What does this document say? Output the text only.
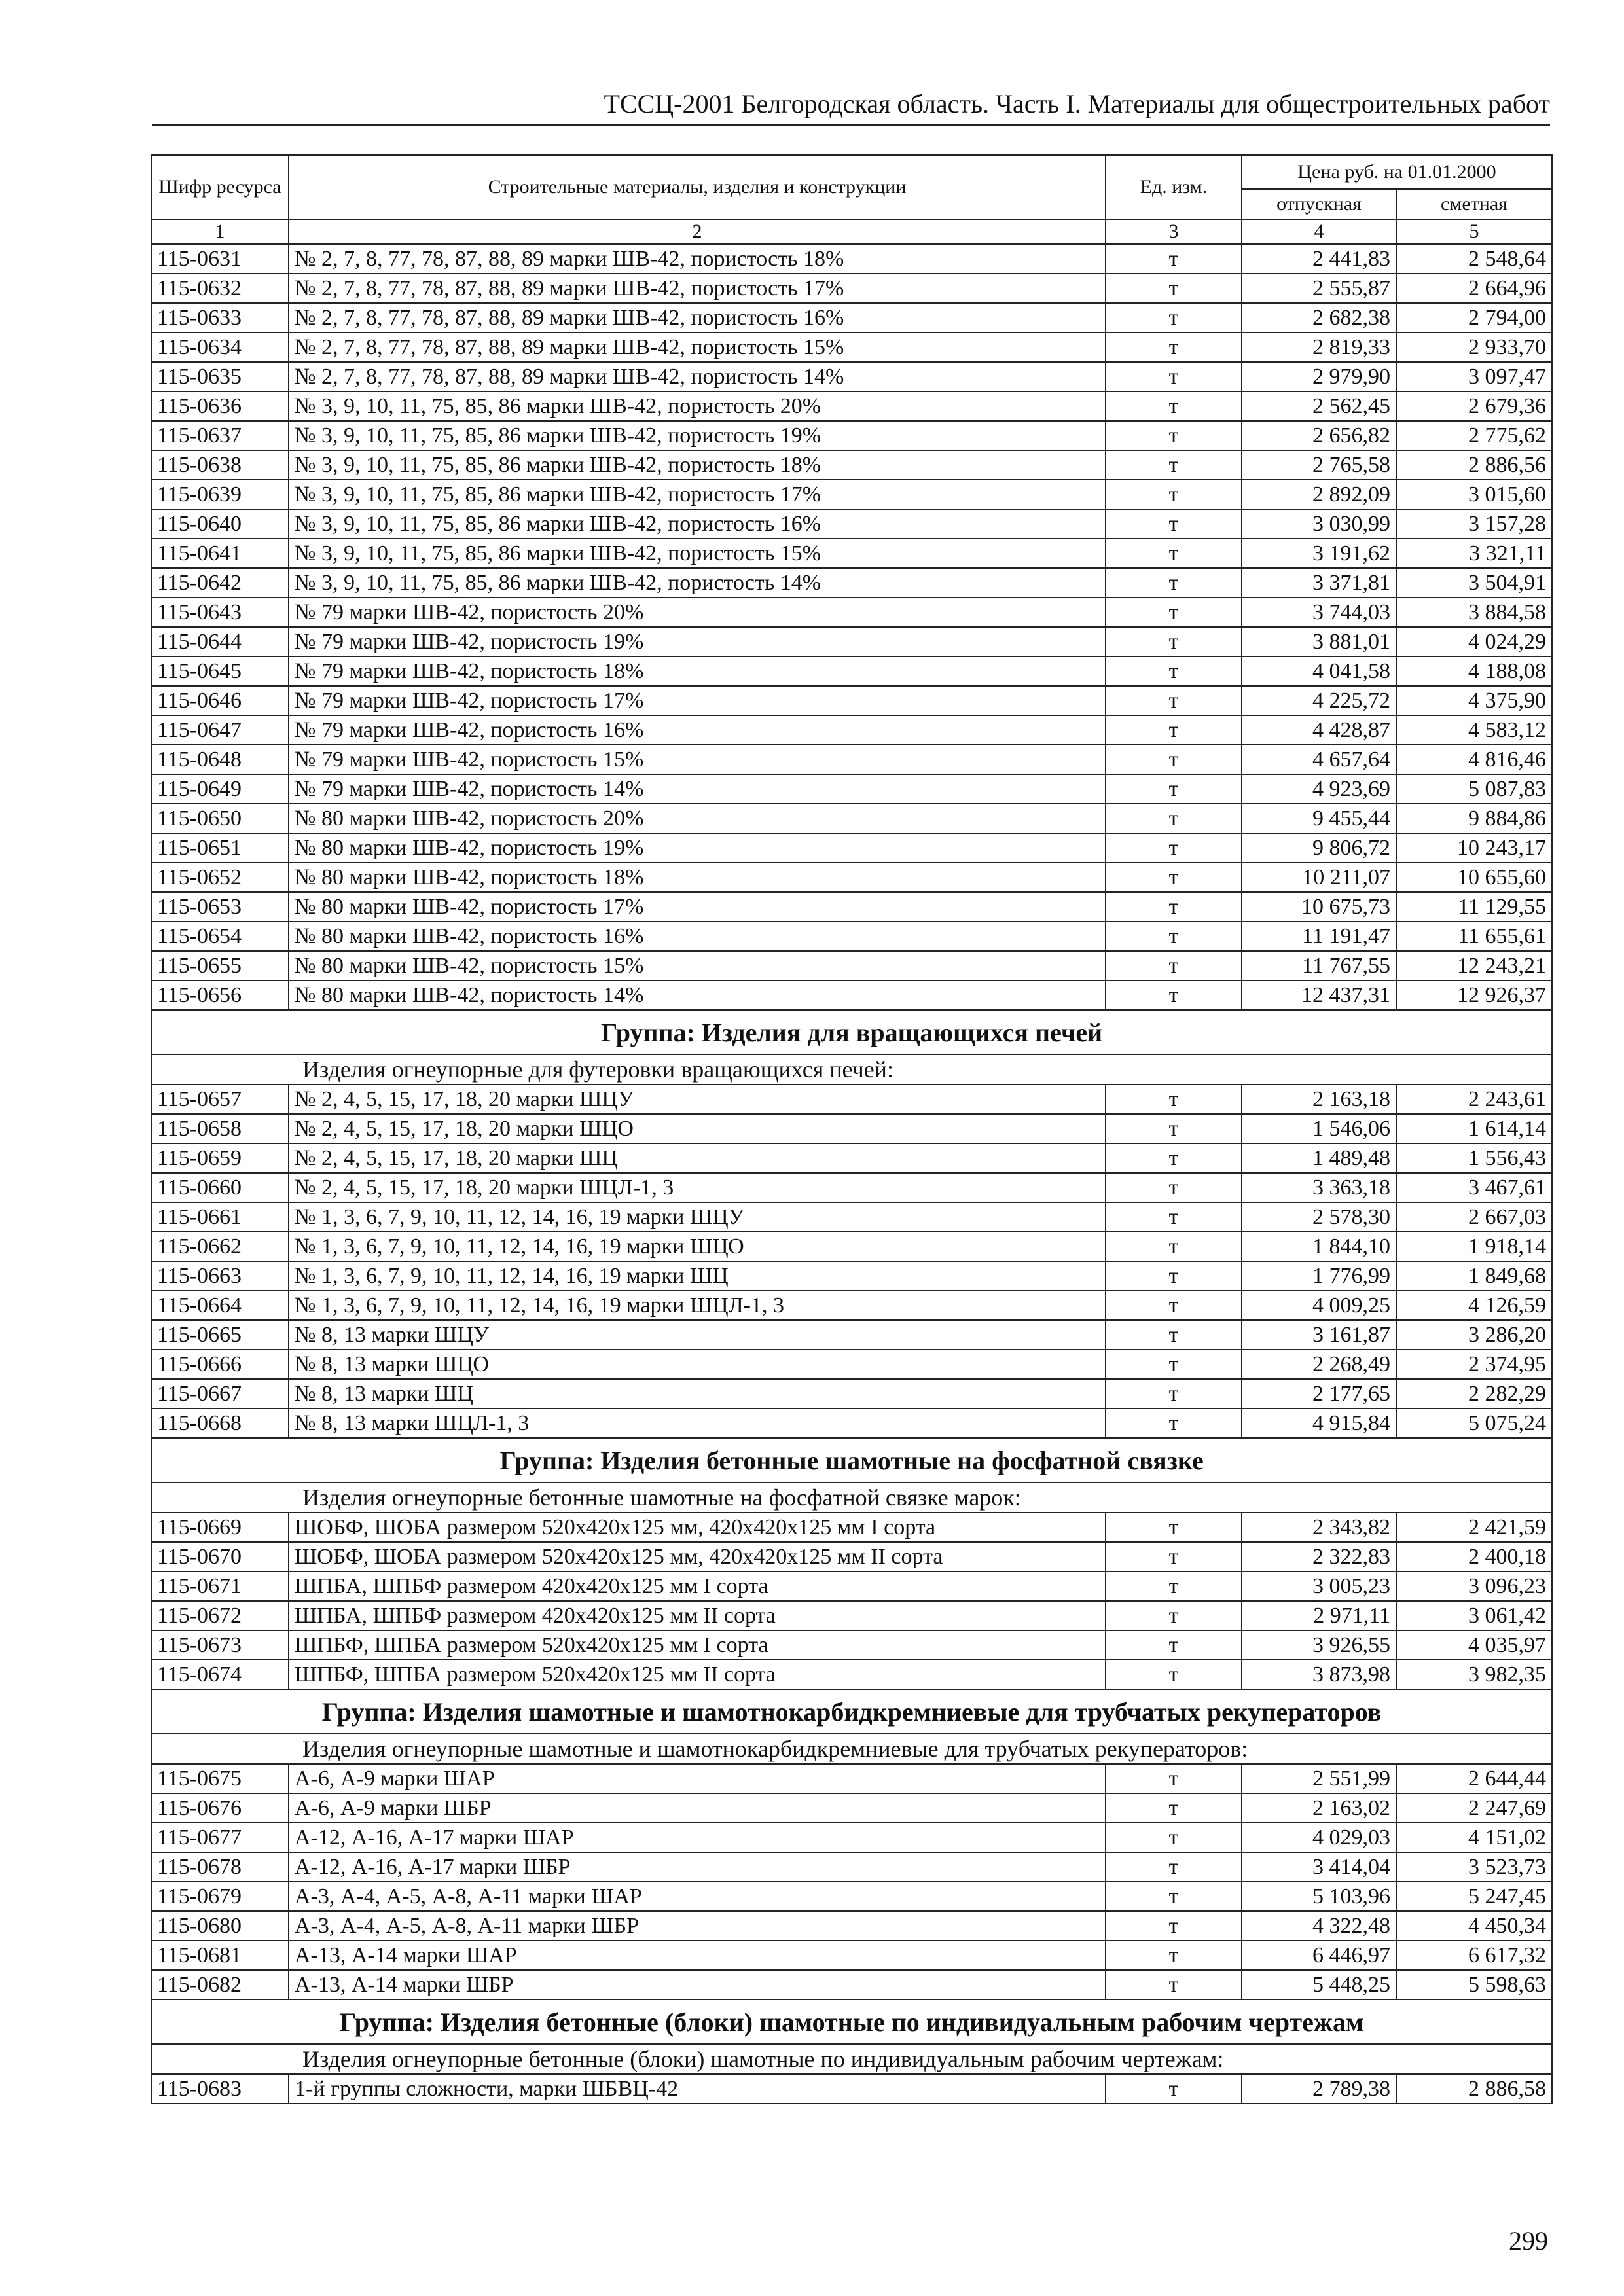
ТССЦ-2001 Белгородская область. Часть I. Материалы для общестроительных работ
Шифр ресурса	Строительные материалы, изделия и конструкции	Ед. изм.	Цена руб. на 01.01.2000	
			отпускная	сметная
1	2	3	4	5
115-0631	№ 2, 7, 8, 77, 78, 87, 88, 89 марки ШВ-42, пористость 18%	т	2 441,83	2 548,64
115-0632	№ 2, 7, 8, 77, 78, 87, 88, 89 марки ШВ-42, пористость 17%	т	2 555,87	2 664,96
115-0633	№ 2, 7, 8, 77, 78, 87, 88, 89 марки ШВ-42, пористость 16%	т	2 682,38	2 794,00
115-0634	№ 2, 7, 8, 77, 78, 87, 88, 89 марки ШВ-42, пористость 15%	т	2 819,33	2 933,70
115-0635	№ 2, 7, 8, 77, 78, 87, 88, 89 марки ШВ-42, пористость 14%	т	2 979,90	3 097,47
115-0636	№ 3, 9, 10, 11, 75, 85, 86 марки ШВ-42, пористость 20%	т	2 562,45	2 679,36
115-0637	№ 3, 9, 10, 11, 75, 85, 86 марки ШВ-42, пористость 19%	т	2 656,82	2 775,62
115-0638	№ 3, 9, 10, 11, 75, 85, 86 марки ШВ-42, пористость 18%	т	2 765,58	2 886,56
115-0639	№ 3, 9, 10, 11, 75, 85, 86 марки ШВ-42, пористость 17%	т	2 892,09	3 015,60
115-0640	№ 3, 9, 10, 11, 75, 85, 86 марки ШВ-42, пористость 16%	т	3 030,99	3 157,28
115-0641	№ 3, 9, 10, 11, 75, 85, 86 марки ШВ-42, пористость 15%	т	3 191,62	3 321,11
115-0642	№ 3, 9, 10, 11, 75, 85, 86 марки ШВ-42, пористость 14%	т	3 371,81	3 504,91
115-0643	№ 79 марки ШВ-42, пористость 20%	т	3 744,03	3 884,58
115-0644	№ 79 марки ШВ-42, пористость 19%	т	3 881,01	4 024,29
115-0645	№ 79 марки ШВ-42, пористость 18%	т	4 041,58	4 188,08
115-0646	№ 79 марки ШВ-42, пористость 17%	т	4 225,72	4 375,90
115-0647	№ 79 марки ШВ-42, пористость 16%	т	4 428,87	4 583,12
115-0648	№ 79 марки ШВ-42, пористость 15%	т	4 657,64	4 816,46
115-0649	№ 79 марки ШВ-42, пористость 14%	т	4 923,69	5 087,83
115-0650	№ 80 марки ШВ-42, пористость 20%	т	9 455,44	9 884,86
115-0651	№ 80 марки ШВ-42, пористость 19%	т	9 806,72	10 243,17
115-0652	№ 80 марки ШВ-42, пористость 18%	т	10 211,07	10 655,60
115-0653	№ 80 марки ШВ-42, пористость 17%	т	10 675,73	11 129,55
115-0654	№ 80 марки ШВ-42, пористость 16%	т	11 191,47	11 655,61
115-0655	№ 80 марки ШВ-42, пористость 15%	т	11 767,55	12 243,21
115-0656	№ 80 марки ШВ-42, пористость 14%	т	12 437,31	12 926,37
Группа: Изделия для вращающихся печей				
Изделия огнеупорные для футеровки вращающихся печей:				
115-0657	№ 2, 4, 5, 15, 17, 18, 20 марки ШЦУ	т	2 163,18	2 243,61
115-0658	№ 2, 4, 5, 15, 17, 18, 20 марки ШЦО	т	1 546,06	1 614,14
115-0659	№ 2, 4, 5, 15, 17, 18, 20 марки ШЦ	т	1 489,48	1 556,43
115-0660	№ 2, 4, 5, 15, 17, 18, 20 марки ШЦЛ-1, 3	т	3 363,18	3 467,61
115-0661	№ 1, 3, 6, 7, 9, 10, 11, 12, 14, 16, 19 марки ШЦУ	т	2 578,30	2 667,03
115-0662	№ 1, 3, 6, 7, 9, 10, 11, 12, 14, 16, 19 марки ШЦО	т	1 844,10	1 918,14
115-0663	№ 1, 3, 6, 7, 9, 10, 11, 12, 14, 16, 19 марки ШЦ	т	1 776,99	1 849,68
115-0664	№ 1, 3, 6, 7, 9, 10, 11, 12, 14, 16, 19 марки ШЦЛ-1, 3	т	4 009,25	4 126,59
115-0665	№ 8, 13 марки ШЦУ	т	3 161,87	3 286,20
115-0666	№ 8, 13 марки ШЦО	т	2 268,49	2 374,95
115-0667	№ 8, 13 марки ШЦ	т	2 177,65	2 282,29
115-0668	№ 8, 13 марки ШЦЛ-1, 3	т	4 915,84	5 075,24
Группа: Изделия бетонные шамотные на фосфатной связке				
Изделия огнеупорные бетонные шамотные на фосфатной связке марок:				
115-0669	ШОБФ, ШОБА размером 520х420х125 мм, 420х420х125 мм I сорта	т	2 343,82	2 421,59
115-0670	ШОБФ, ШОБА размером 520х420х125 мм, 420х420х125 мм II сорта	т	2 322,83	2 400,18
115-0671	ШПБА, ШПБФ размером 420х420х125 мм I сорта	т	3 005,23	3 096,23
115-0672	ШПБА, ШПБФ размером 420х420х125 мм II сорта	т	2 971,11	3 061,42
115-0673	ШПБФ, ШПБА размером 520х420х125 мм I сорта	т	3 926,55	4 035,97
115-0674	ШПБФ, ШПБА размером 520х420х125 мм II сорта	т	3 873,98	3 982,35
Группа: Изделия шамотные и шамотнокарбидкремниевые для трубчатых рекуператоров				
Изделия огнеупорные шамотные и шамотнокарбидкремниевые для трубчатых рекуператоров:				
115-0675	А-6, А-9 марки ШАР	т	2 551,99	2 644,44
115-0676	А-6, А-9 марки ШБР	т	2 163,02	2 247,69
115-0677	А-12, А-16, А-17 марки ШАР	т	4 029,03	4 151,02
115-0678	А-12, А-16, А-17 марки ШБР	т	3 414,04	3 523,73
115-0679	А-3, А-4, А-5, А-8, А-11 марки ШАР	т	5 103,96	5 247,45
115-0680	А-3, А-4, А-5, А-8, А-11 марки ШБР	т	4 322,48	4 450,34
115-0681	А-13, А-14 марки ШАР	т	6 446,97	6 617,32
115-0682	А-13, А-14 марки ШБР	т	5 448,25	5 598,63
Группа: Изделия бетонные (блоки) шамотные по индивидуальным рабочим чертежам				
Изделия огнеупорные бетонные (блоки) шамотные по индивидуальным рабочим чертежам:				
115-0683	1-й группы сложности, марки ШБВЦ-42	т	2 789,38	2 886,58
299
